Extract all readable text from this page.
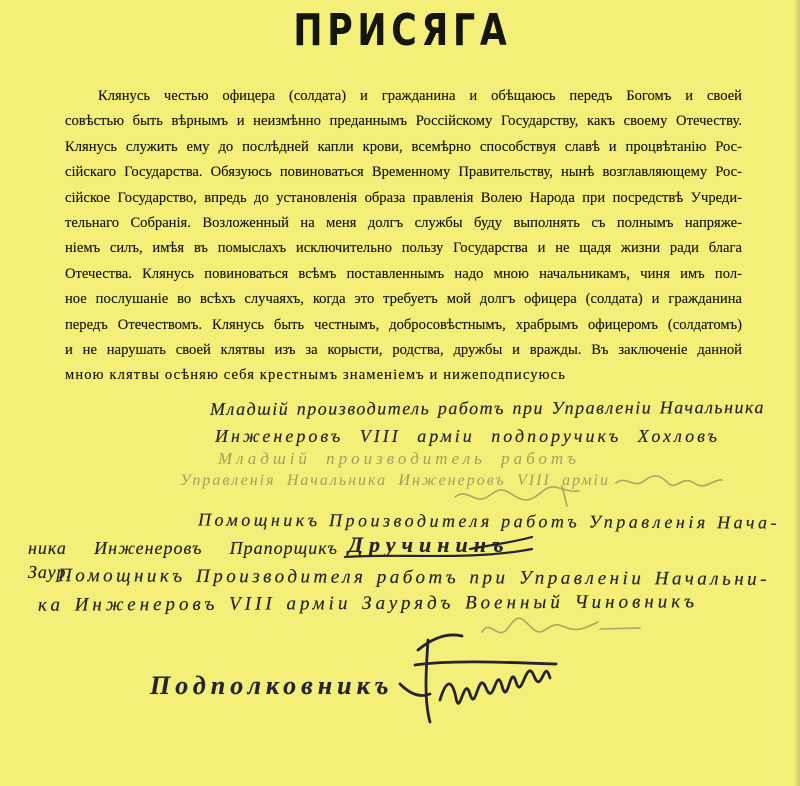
ПРИСЯГА
Клянусь честью офицера (солдата) и гражданина и обѣщаюсь передъ Богомъ и своей
совѣстью быть вѣрнымъ и неизмѣнно преданнымъ Россійскому Государству, какъ своему Отечеству.
Клянусь служить ему до послѣдней капли крови, всемѣрно способствуя славѣ и процвѣтанію Рос-
сійскаго Государства. Обязуюсь повиноваться Временному Правительству, нынѣ возглавляющему Рос-
сійское Государство, впредь до установленія образа правленія Волею Народа при посредствѣ Учреди-
тельнаго Собранія. Возложенный на меня долгъ службы буду выполнять съ полнымъ напряже-
ніемъ силъ, имѣя въ помыслахъ исключительно пользу Государства и не щадя жизни ради блага
Отечества. Клянусь повиноваться всѣмъ поставленнымъ надо мною начальникамъ, чиня имъ пол-
ное послушаніе во всѣхъ случаяхъ, когда это требуетъ мой долгъ офицера (солдата) и гражданина
передъ Отечествомъ. Клянусь быть честнымъ, добросовѣстнымъ, храбрымъ офицеромъ (солдатомъ)
и не нарушать своей клятвы изъ за корысти, родства, дружбы и вражды. Въ заключеніе данной
мною клятвы осѣняю себя крестнымъ знаменіемъ и нижеподписуюсь
Младшій производитель работъ при Управленіи Начальника
Инженеровъ VIII арміи подпоручикъ Хохловъ
Младшій производитель работъ
Управленія Начальника Инженеровъ VIII арміи
Помощникъ Производителя работъ Управленія Нача-
ника Инженеровъ Прапорщикъ Заур.
Дручининъ
Помощникъ Производителя работъ при Управленіи Начальни-
ка Инженеровъ VIII арміи Заурядъ Военный Чиновникъ
Подполковникъ
